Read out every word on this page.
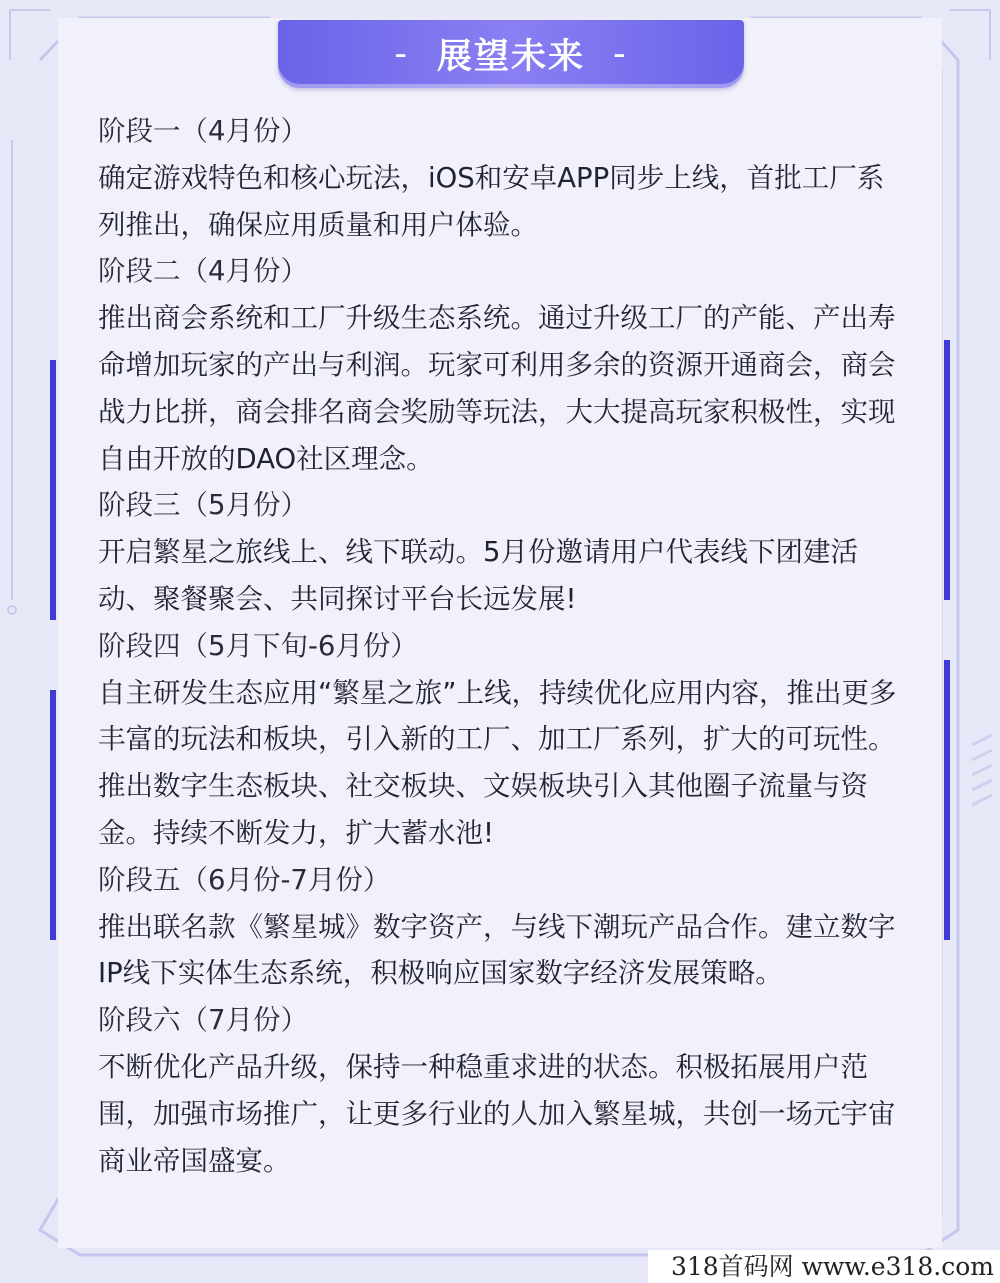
- 展望未来 -

阶段一（4月份）

确定游戏特色和核心玩法，iOS和安卓APP同步上线，首批工厂系列推出，确保应用质量和用户体验。

阶段二（4月份）

推出商会系统和工厂升级生态系统。通过升级工厂的产能、产出寿命增加玩家的产出与利润。玩家可利用多余的资源开通商会，商会战力比拼，商会排名商会奖励等玩法，大大提高玩家积极性，实现自由开放的DAO社区理念。

阶段三（5月份）

开启繁星之旅线上、线下联动。5月份邀请用户代表线下团建活动、聚餐聚会、共同探讨平台长远发展!

阶段四（5月下旬-6月份）

自主研发生态应用“繁星之旅”上线，持续优化应用内容，推出更多丰富的玩法和板块，引入新的工厂、加工厂系列，扩大的可玩性。推出数字生态板块、社交板块、文娱板块引入其他圈子流量与资金。持续不断发力，扩大蓄水池!

阶段五（6月份-7月份）

推出联名款《繁星城》数字资产，与线下潮玩产品合作。建立数字IP线下实体生态系统，积极响应国家数字经济发展策略。

阶段六（7月份）

不断优化产品升级，保持一种稳重求进的状态。积极拓展用户范围，加强市场推广，让更多行业的人加入繁星城，共创一场元宇宙商业帝国盛宴。

318首码网 www.e318.com
